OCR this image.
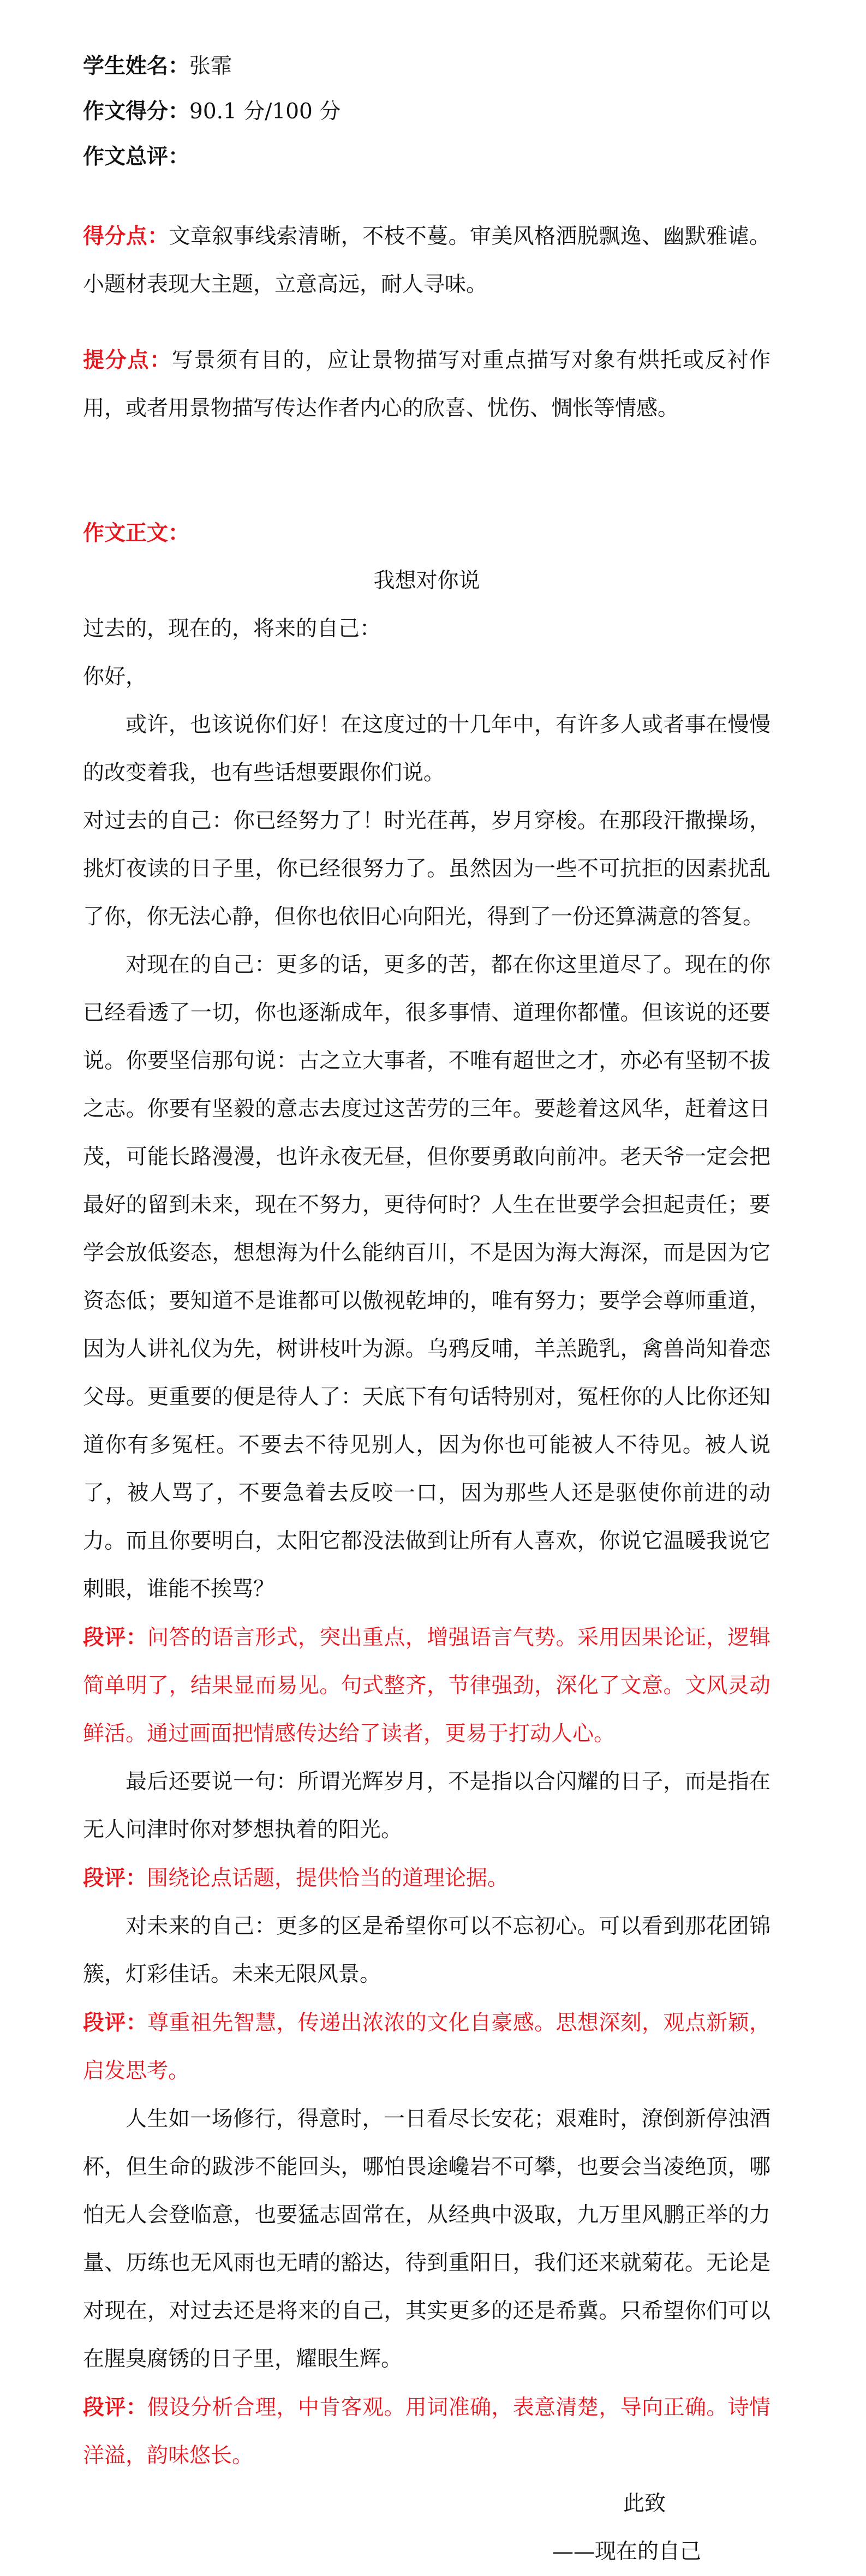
学生姓名：张霏
作文得分：90.1 分/100 分
作文总评：

得分点：文章叙事线索清晰，不枝不蔓。审美风格洒脱飘逸、幽默雅谑。小题材表现大主题，立意高远，耐人寻味。

提分点：写景须有目的，应让景物描写对重点描写对象有烘托或反衬作用，或者用景物描写传达作者内心的欣喜、忧伤、惆怅等情感。

作文正文：

我想对你说

过去的，现在的，将来的自己：

你好，

或许，也该说你们好！在这度过的十几年中，有许多人或者事在慢慢的改变着我，也有些话想要跟你们说。

对过去的自己：你已经努力了！时光荏苒，岁月穿梭。在那段汗撒操场，挑灯夜读的日子里，你已经很努力了。虽然因为一些不可抗拒的因素扰乱了你，你无法心静，但你也依旧心向阳光，得到了一份还算满意的答复。

对现在的自己：更多的话，更多的苦，都在你这里道尽了。现在的你已经看透了一切，你也逐渐成年，很多事情、道理你都懂。但该说的还要说。你要坚信那句说：古之立大事者，不唯有超世之才，亦必有坚韧不拔之志。你要有坚毅的意志去度过这苦劳的三年。要趁着这风华，赶着这日茂，可能长路漫漫，也许永夜无昼，但你要勇敢向前冲。老天爷一定会把最好的留到未来，现在不努力，更待何时？人生在世要学会担起责任；要学会放低姿态，想想海为什么能纳百川，不是因为海大海深，而是因为它资态低；要知道不是谁都可以傲视乾坤的，唯有努力；要学会尊师重道，因为人讲礼仪为先，树讲枝叶为源。乌鸦反哺，羊羔跪乳，禽兽尚知眷恋父母。更重要的便是待人了：天底下有句话特别对，冤枉你的人比你还知道你有多冤枉。不要去不待见别人，因为你也可能被人不待见。被人说了，被人骂了，不要急着去反咬一口，因为那些人还是驱使你前进的动力。而且你要明白，太阳它都没法做到让所有人喜欢，你说它温暖我说它刺眼，谁能不挨骂？

段评：问答的语言形式，突出重点，增强语言气势。采用因果论证，逻辑简单明了，结果显而易见。句式整齐，节律强劲，深化了文意。文风灵动鲜活。通过画面把情感传达给了读者，更易于打动人心。

最后还要说一句：所谓光辉岁月，不是指以合闪耀的日子，而是指在无人问津时你对梦想执着的阳光。

段评：围绕论点话题，提供恰当的道理论据。

对未来的自己：更多的区是希望你可以不忘初心。可以看到那花团锦簇，灯彩佳话。未来无限风景。

段评：尊重祖先智慧，传递出浓浓的文化自豪感。思想深刻，观点新颖，启发思考。

人生如一场修行，得意时，一日看尽长安花；艰难时，潦倒新停浊酒杯，但生命的跋涉不能回头，哪怕畏途巉岩不可攀，也要会当凌绝顶，哪怕无人会登临意，也要猛志固常在，从经典中汲取，九万里风鹏正举的力量、历练也无风雨也无晴的豁达，待到重阳日，我们还来就菊花。无论是对现在，对过去还是将来的自己，其实更多的还是希冀。只希望你们可以在腥臭腐锈的日子里，耀眼生辉。

段评：假设分析合理，中肯客观。用词准确，表意清楚，导向正确。诗情洋溢，韵味悠长。

此致

——现在的自己
